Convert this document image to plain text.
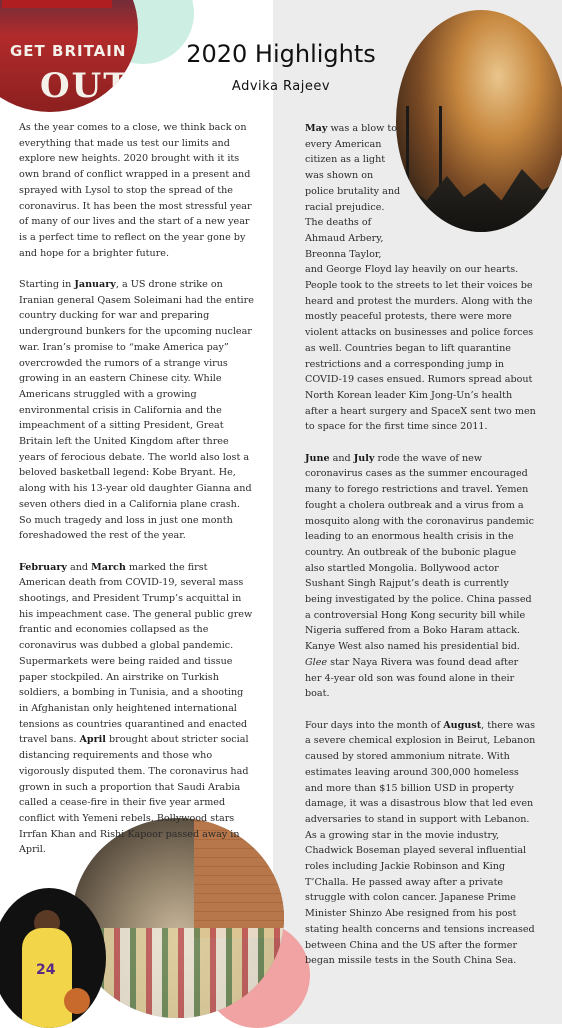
GET BRITAIN
OUT
24
2020 Highlights
Advika Rajeev

As the year comes to a close, we think back on everything that made us test our limits and explore new heights. 2020 brought with it its own brand of conflict wrapped in a present and sprayed with Lysol to stop the spread of the coronavirus. It has been the most stressful year of many of our lives and the start of a new year is a perfect time to reflect on the year gone by and hope for a brighter future.

Starting in January, a US drone strike on Iranian general Qasem Soleimani had the entire country ducking for war and preparing underground bunkers for the upcoming nuclear war. Iran’s promise to “make America pay” overcrowded the rumors of a strange virus growing in an eastern Chinese city. While Americans struggled with a growing environmental crisis in California and the impeachment of a sitting President, Great Britain left the United Kingdom after three years of ferocious debate. The world also lost a beloved basketball legend: Kobe Bryant. He, along with his 13-year old daughter Gianna and seven others died in a California plane crash. So much tragedy and loss in just one month foreshadowed the rest of the year.

February and March marked the first American death from COVID-19, several mass shootings, and President Trump’s acquittal in his impeachment case. The general public grew frantic and economies collapsed as the coronavirus was dubbed a global pandemic. Supermarkets were being raided and tissue paper stockpiled. An airstrike on Turkish soldiers, a bombing in Tunisia, and a shooting in Afghanistan only heightened international tensions as countries quarantined and enacted travel bans. April brought about stricter social distancing requirements and those who vigorously disputed them. The coronavirus had grown in such a proportion that Saudi Arabia called a cease-fire in their five year armed conflict with Yemeni rebels. Bollywood stars Irrfan Khan and Rishi Kapoor passed away in April.

May was a blow to every American citizen as a light was shown on police brutality and racial prejudice. The deaths of Ahmaud Arbery, Breonna Taylor,
and George Floyd lay heavily on our hearts. People took to the streets to let their voices be heard and protest the murders. Along with the mostly peaceful protests, there were more violent attacks on businesses and police forces as well. Countries began to lift quarantine restrictions and a corresponding jump in COVID-19 cases ensued. Rumors spread about North Korean leader Kim Jong-Un’s health after a heart surgery and SpaceX sent two men to space for the first time since 2011.

June and July rode the wave of new coronavirus cases as the summer encouraged many to forego restrictions and travel. Yemen fought a cholera outbreak and a virus from a mosquito along with the coronavirus pandemic leading to an enormous health crisis in the country. An outbreak of the bubonic plague also startled Mongolia. Bollywood actor Sushant Singh Rajput’s death is currently being investigated by the police. China passed a controversial Hong Kong security bill while Nigeria suffered from a Boko Haram attack. Kanye West also named his presidential bid. Glee star Naya Rivera was found dead after her 4-year old son was found alone in their boat.

Four days into the month of August, there was a severe chemical explosion in Beirut, Lebanon caused by stored ammonium nitrate. With estimates leaving around 300,000 homeless and more than $15 billion USD in property damage, it was a disastrous blow that led even adversaries to stand in support with Lebanon. As a growing star in the movie industry, Chadwick Boseman played several influential roles including Jackie Robinson and King T’Challa. He passed away after a private struggle with colon cancer. Japanese Prime Minister Shinzo Abe resigned from his post stating health concerns and tensions increased between China and the US after the former began missile tests in the South China Sea.
